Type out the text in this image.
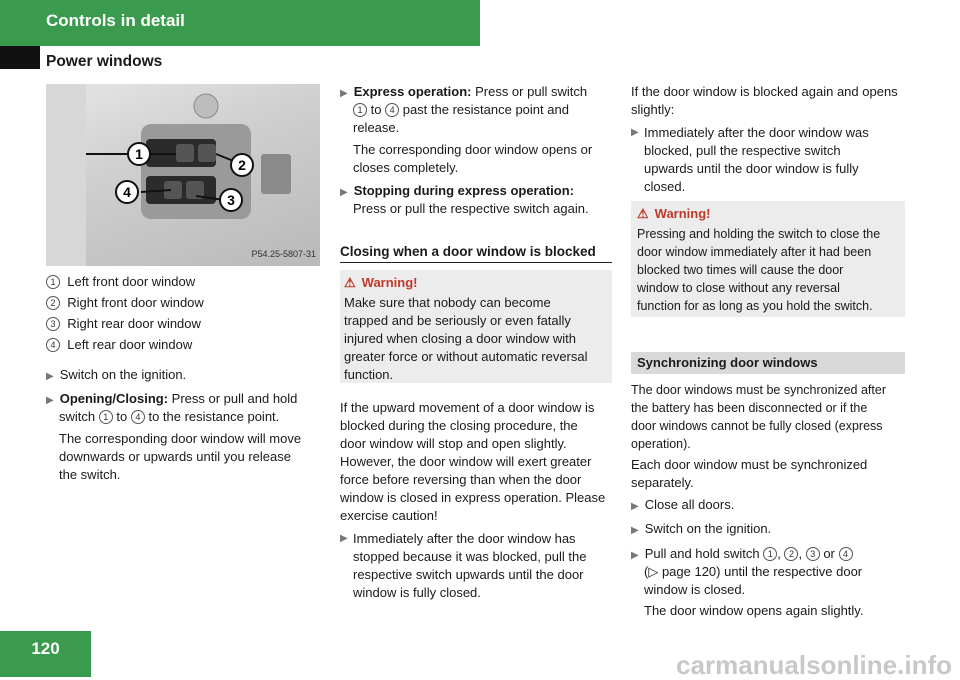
Controls in detail
Power windows
1
2
3
4
P54.25-5807-31
1 Left front door window
2 Right front door window
3 Right rear door window
4 Left rear door window
▶ Switch on the ignition.
▶ Opening/Closing: Press or pull and hold
switch 1 to 4 to the resistance point.
The corresponding door window will move
downwards or upwards until you release
the switch.
▶ Express operation: Press or pull switch
1 to 4 past the resistance point and
release.
The corresponding door window opens or
closes completely.
▶ Stopping during express operation:
Press or pull the respective switch again.
Closing when a door window is blocked
⚠ Warning!
Make sure that nobody can become
trapped and be seriously or even fatally
injured when closing a door window with
greater force or without automatic reversal
function.
If the upward movement of a door window is
blocked during the closing procedure, the
door window will stop and open slightly.
However, the door window will exert greater
force before reversing than when the door
window is closed in express operation. Please
exercise caution!
▶ Immediately after the door window has
stopped because it was blocked, pull the
respective switch upwards until the door
window is fully closed.
If the door window is blocked again and opens
slightly:
▶ Immediately after the door window was
blocked, pull the respective switch
upwards until the door window is fully
closed.
⚠ Warning!
Pressing and holding the switch to close the
door window immediately after it had been
blocked two times will cause the door
window to close without any reversal
function for as long as you hold the switch.
Synchronizing door windows
The door windows must be synchronized after
the battery has been disconnected or if the
door windows cannot be fully closed (express
operation).
Each door window must be synchronized
separately.
▶ Close all doors.
▶ Switch on the ignition.
▶ Pull and hold switch 1 , 2 , 3 or 4
(▷ page 120) until the respective door
window is closed.
The door window opens again slightly.
120
carmanualsonline.info
